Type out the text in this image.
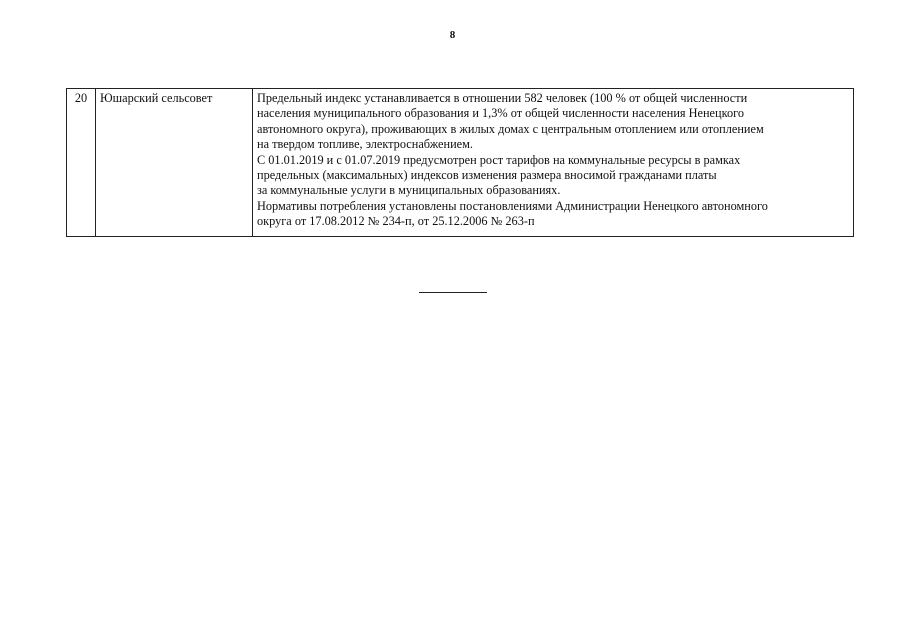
8
20	Юшарский сельсовет	Предельный индекс устанавливается в отношении 582 человек (100 % от общей численности
населения муниципального образования и 1,3% от общей численности населения Ненецкого
автономного округа), проживающих в жилых домах с центральным отоплением или отоплением
на твердом топливе, электроснабжением.
С 01.01.2019 и с 01.07.2019 предусмотрен рост тарифов на коммунальные ресурсы в рамках
предельных (максимальных) индексов изменения размера вносимой гражданами платы
за коммунальные услуги в муниципальных образованиях.
Нормативы потребления установлены постановлениями Администрации Ненецкого автономного
округа от 17.08.2012 № 234-п, от 25.12.2006 № 263-п
